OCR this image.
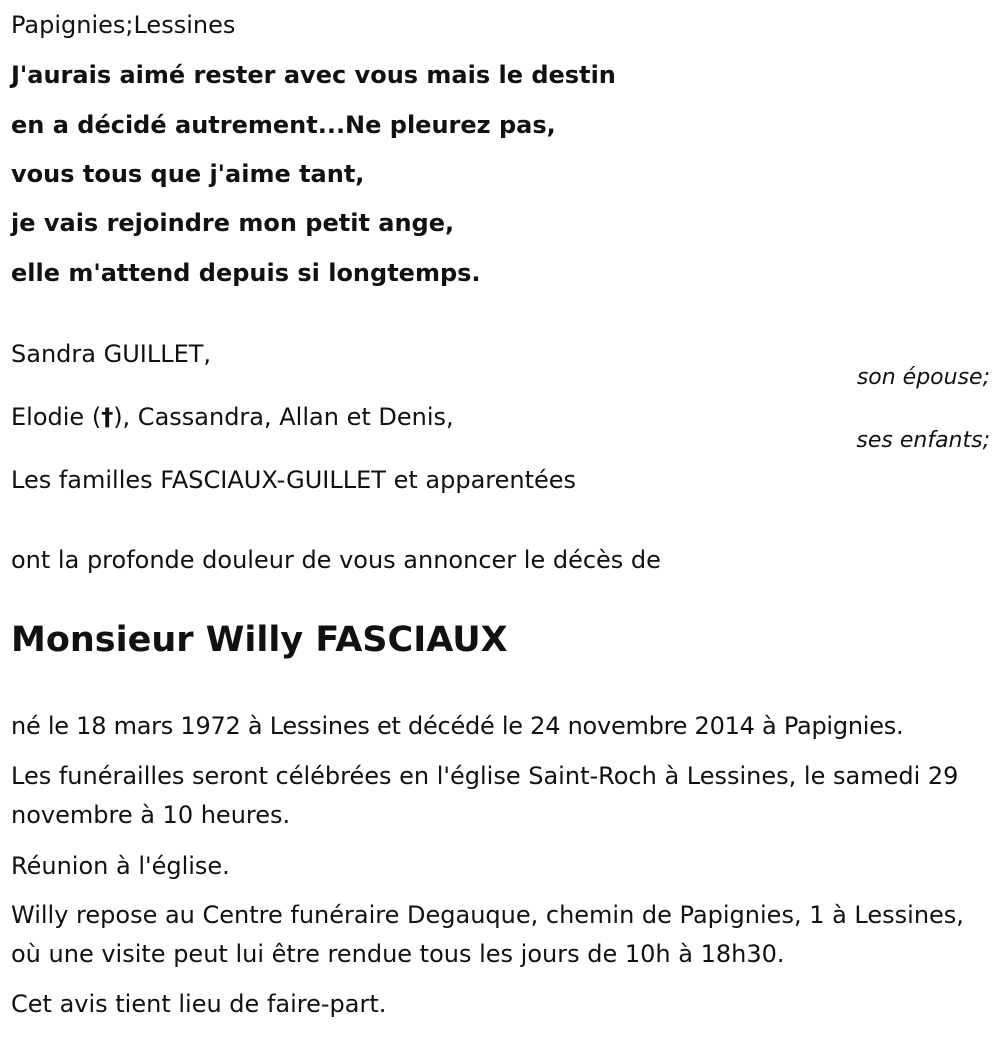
Papignies;Lessines
J'aurais aimé rester avec vous mais le destin
en a décidé autrement...Ne pleurez pas,
vous tous que j'aime tant,
je vais rejoindre mon petit ange,
elle m'attend depuis si longtemps.
Sandra GUILLET,
son épouse;
Elodie (†), Cassandra, Allan et Denis,
ses enfants;
Les familles FASCIAUX-GUILLET et apparentées
ont la profonde douleur de vous annoncer le décès de
Monsieur Willy FASCIAUX
né le 18 mars 1972 à Lessines et décédé le 24 novembre 2014 à Papignies.
Les funérailles seront célébrées en l'église Saint-Roch à Lessines, le samedi 29 novembre à 10 heures.
Réunion à l'église.
Willy repose au Centre funéraire Degauque, chemin de Papignies, 1 à Lessines, où une visite peut lui être rendue tous les jours de 10h à 18h30.
Cet avis tient lieu de faire-part.
